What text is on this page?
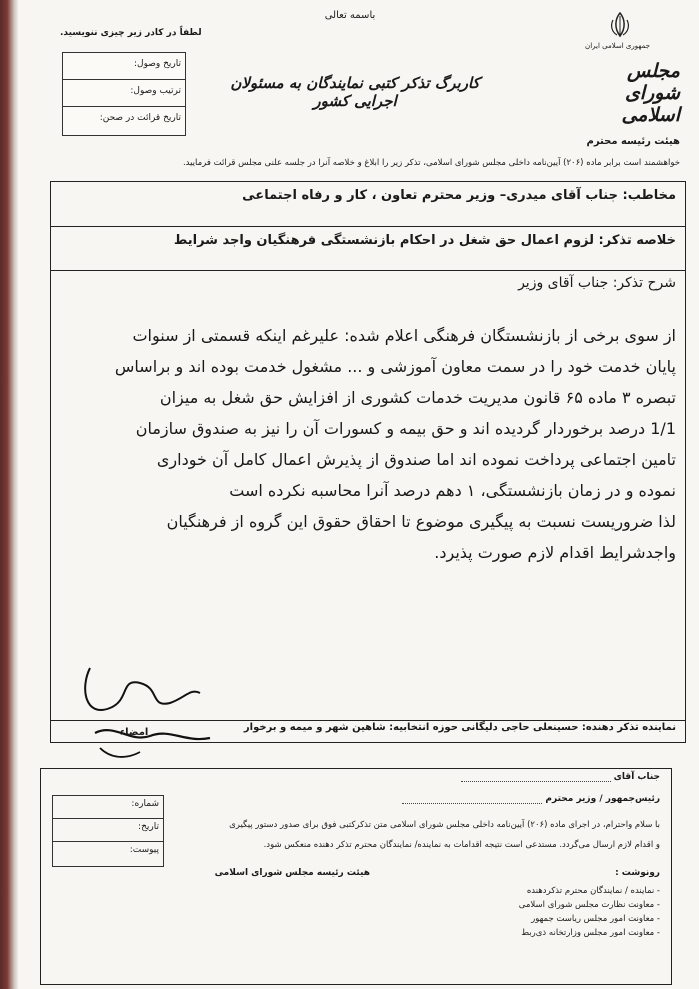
باسمه تعالی
لطفاً در کادر زیر چیزی ننویسید.
تاریخ وصول:
ترتیب وصول:
تاریخ قرائت در صحن:
کاربرگ تذکر کتبی نمایندگان به مسئولان اجرایی کشور
جمهوری اسلامی ایران
مجلس شورای اسلامی
هیئت رئیسه محترم
خواهشمند است برابر ماده (۲۰۶) آیین‌نامه داخلی مجلس شورای اسلامی، تذکر زیر را ابلاغ و خلاصه آنرا در جلسه علنی مجلس قرائت فرمایید.
مخاطب: جناب آقای میدری– وزیر محترم تعاون ، کار و رفاه اجتماعی
خلاصه تذکر: لزوم اعمال حق شغل در احکام بازنشستگی فرهنگیان واجد شرایط
شرح تذکر: جناب آقای وزیر
از سوی برخی از بازنشستگان فرهنگی اعلام شده: علیرغم اینکه قسمتی از سنوات
پایان خدمت خود را در سمت معاون آموزشی و ... مشغول خدمت بوده اند و براساس
تبصره ۳ ماده ۶۵ قانون مدیریت خدمات کشوری از افزایش حق شغل به میزان
1/1 درصد برخوردار گردیده اند و حق بیمه و کسورات آن را نیز به صندوق سازمان
تامین اجتماعی پرداخت نموده اند اما صندوق از پذیرش اعمال کامل آن خوداری
نموده و در زمان بازنشستگی، ۱ دهم درصد آنرا محاسبه نکرده است
لذا ضروریست نسبت به پیگیری موضوع تا احقاق حقوق این گروه از فرهنگیان
واجدشرایط اقدام لازم صورت پذیرد.
امضاء	نماینده تذکر دهنده: حسینعلی حاجی دلیگانی حوزه انتخابیه: شاهین شهر و میمه و برخوار
جناب آقای
رئیس‌جمهور / وزیر محترم
شماره:
تاریخ:
پیوست:
با سلام واحترام، در اجرای ماده (۲۰۶) آیین‌نامه داخلی مجلس شورای اسلامی متن تذکرکتبی فوق برای صدور دستور پیگیری
و اقدام لازم ارسال می‌گردد. مستدعی است نتیجه اقدامات به نماینده/ نمایندگان محترم تذکر دهنده منعکس شود.
هیئت رئیسه مجلس شورای اسلامی	رونوشت :
- نماینده / نمایندگان محترم تذکردهنده
- معاونت نظارت مجلس شورای اسلامی
- معاونت امور مجلس ریاست جمهور
- معاونت امور مجلس وزارتخانه ذی‌ربط
